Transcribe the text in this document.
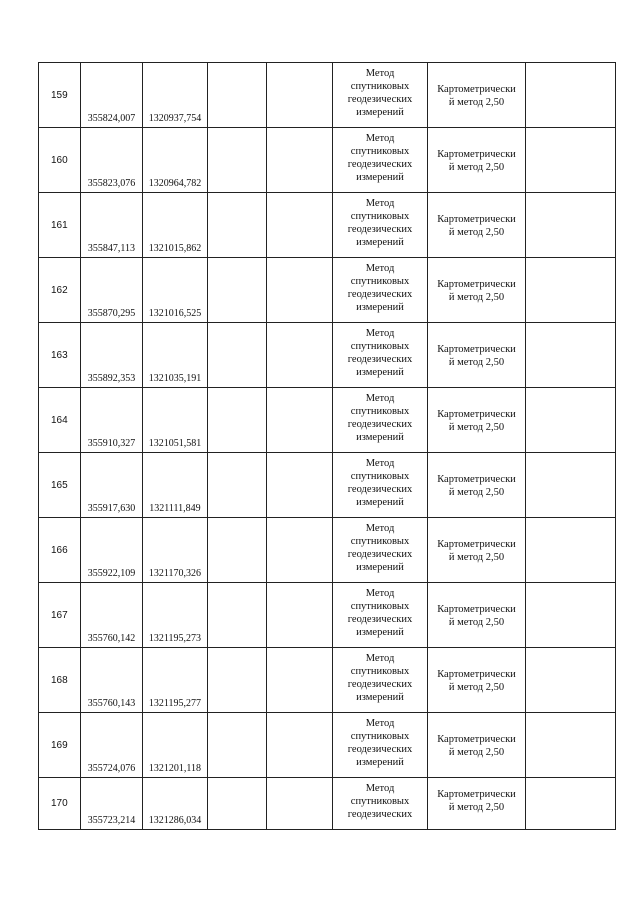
159	355824,007	1320937,754			Метод
спутниковых
геодезических
измерений	Картометрически
й метод 2,50	

160	355823,076	1320964,782			Метод
спутниковых
геодезических
измерений	Картометрически
й метод 2,50	

161	355847,113	1321015,862			Метод
спутниковых
геодезических
измерений	Картометрически
й метод 2,50	

162	355870,295	1321016,525			Метод
спутниковых
геодезических
измерений	Картометрически
й метод 2,50	

163	355892,353	1321035,191			Метод
спутниковых
геодезических
измерений	Картометрически
й метод 2,50	

164	355910,327	1321051,581			Метод
спутниковых
геодезических
измерений	Картометрически
й метод 2,50	

165	355917,630	1321111,849			Метод
спутниковых
геодезических
измерений	Картометрически
й метод 2,50	

166	355922,109	1321170,326			Метод
спутниковых
геодезических
измерений	Картометрически
й метод 2,50	

167	355760,142	1321195,273			Метод
спутниковых
геодезических
измерений	Картометрически
й метод 2,50	

168	355760,143	1321195,277			Метод
спутниковых
геодезических
измерений	Картометрически
й метод 2,50	

169	355724,076	1321201,118			Метод
спутниковых
геодезических
измерений	Картометрически
й метод 2,50	

170	355723,214	1321286,034			Метод
спутниковых
геодезических	Картометрически
й метод 2,50	
